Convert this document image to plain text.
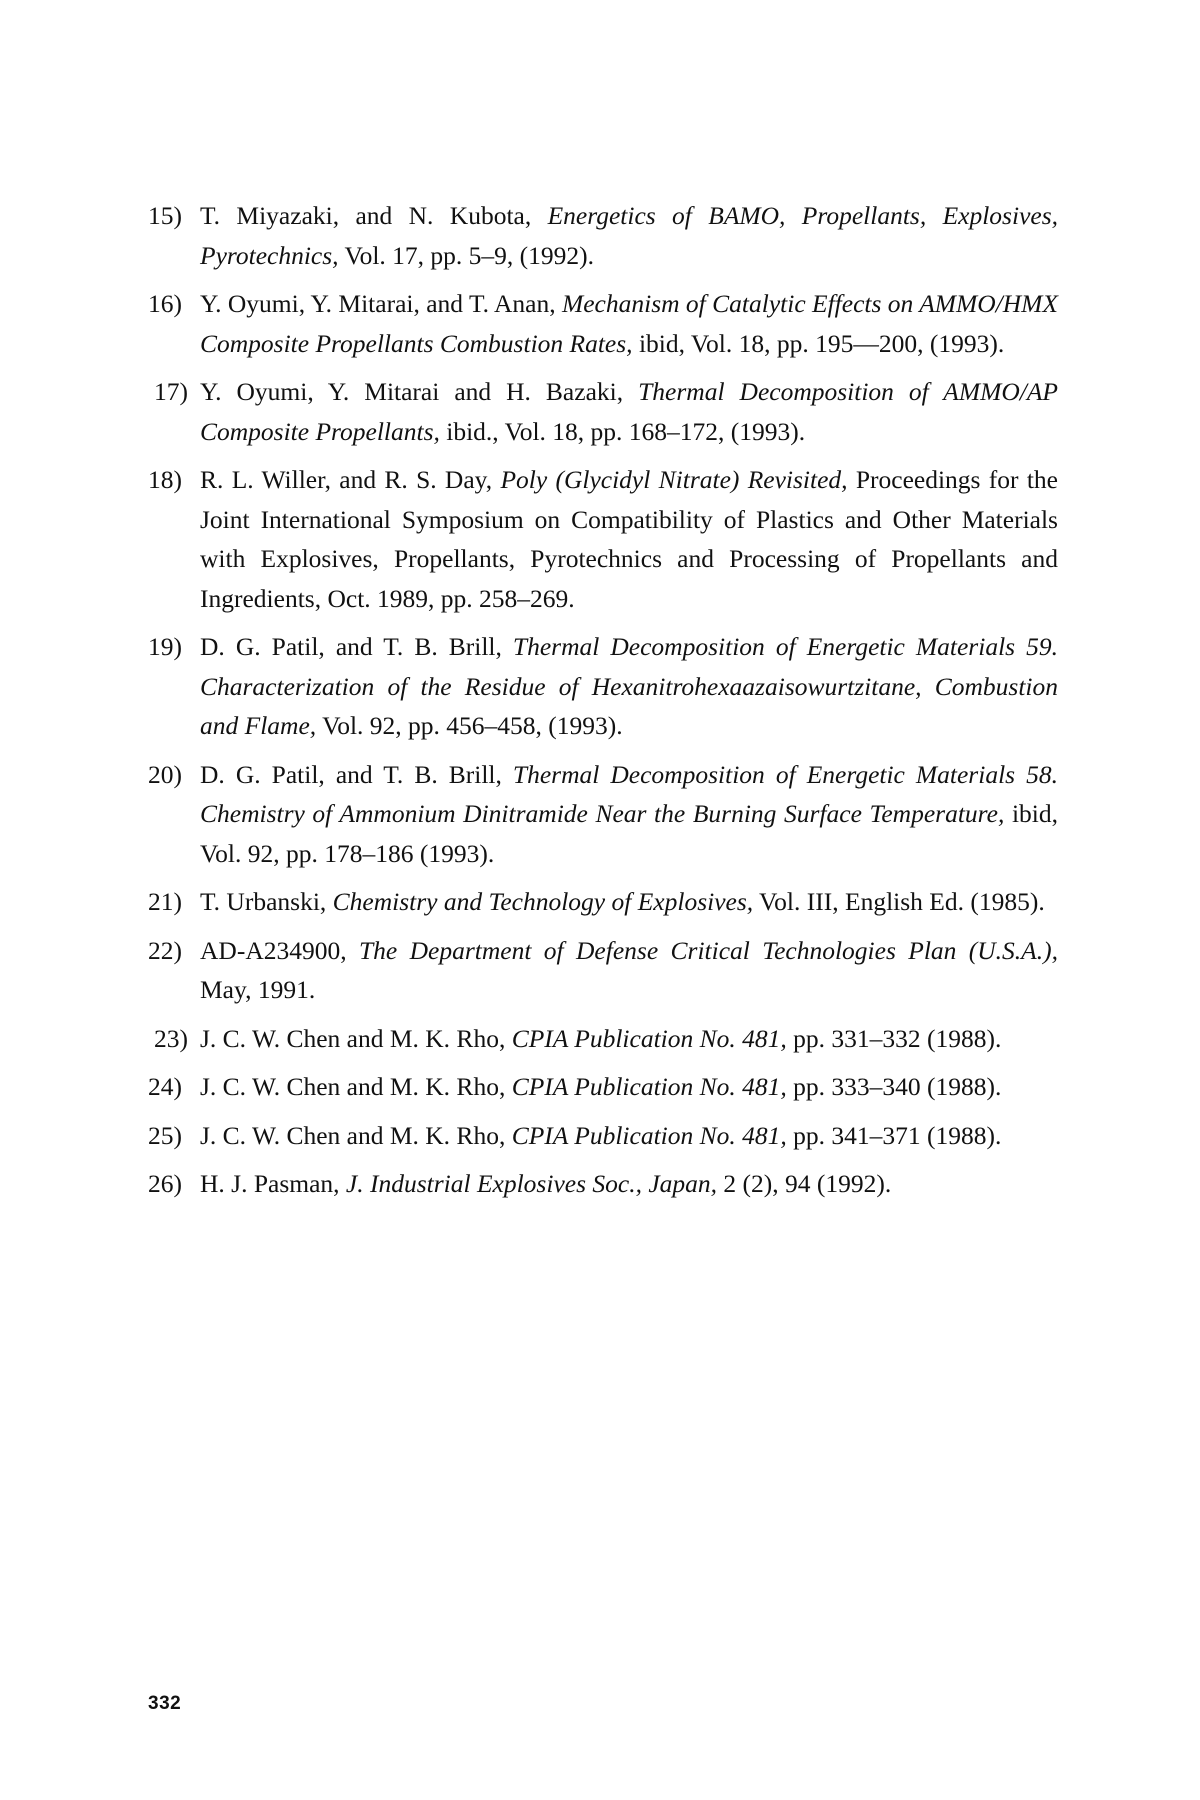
15) T. Miyazaki, and N. Kubota, Energetics of BAMO, Propellants, Explosives, Pyrotechnics, Vol. 17, pp. 5–9, (1992).
16) Y. Oyumi, Y. Mitarai, and T. Anan, Mechanism of Catalytic Effects on AMMO/HMX Composite Propellants Combustion Rates, ibid, Vol. 18, pp. 195—200, (1993).
17) Y. Oyumi, Y. Mitarai and H. Bazaki, Thermal Decomposition of AMMO/AP Composite Propellants, ibid., Vol. 18, pp. 168–172, (1993).
18) R. L. Willer, and R. S. Day, Poly (Glycidyl Nitrate) Revisited, Proceedings for the Joint International Symposium on Compatibility of Plastics and Other Materials with Explosives, Propellants, Pyrotechnics and Processing of Propellants and Ingredients, Oct. 1989, pp. 258–269.
19) D. G. Patil, and T. B. Brill, Thermal Decomposition of Energetic Materials 59. Characterization of the Residue of Hexanitrohexaazaisowurtzitane, Combustion and Flame, Vol. 92, pp. 456–458, (1993).
20) D. G. Patil, and T. B. Brill, Thermal Decomposition of Energetic Materials 58. Chemistry of Ammonium Dinitramide Near the Burning Surface Temperature, ibid, Vol. 92, pp. 178–186 (1993).
21) T. Urbanski, Chemistry and Technology of Explosives, Vol. III, English Ed. (1985).
22) AD-A234900, The Department of Defense Critical Technologies Plan (U.S.A.), May, 1991.
23) J. C. W. Chen and M. K. Rho, CPIA Publication No. 481, pp. 331–332 (1988).
24) J. C. W. Chen and M. K. Rho, CPIA Publication No. 481, pp. 333–340 (1988).
25) J. C. W. Chen and M. K. Rho, CPIA Publication No. 481, pp. 341–371 (1988).
26) H. J. Pasman, J. Industrial Explosives Soc., Japan, 2 (2), 94 (1992).
332
